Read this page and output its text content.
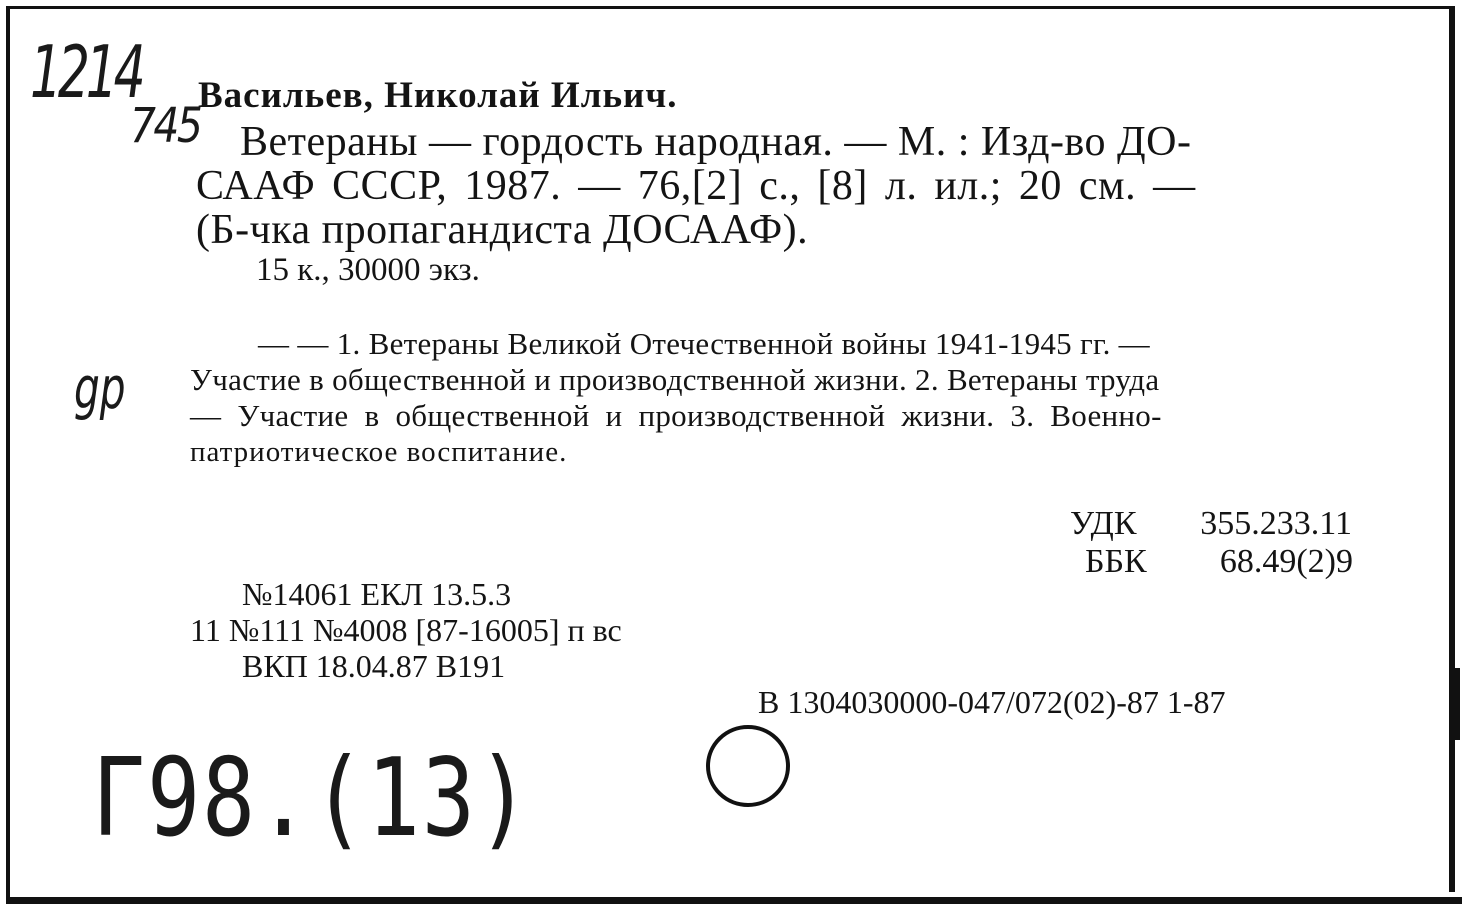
1214
745
gp
Г98.(13)
Васильев, Николай Ильич.
Ветераны — гордость народная. — М. : Изд-во ДО-
СААФ СССР, 1987. — 76,[2] с., [8] л. ил.; 20 см. —
(Б-чка пропагандиста ДОСААФ).
15 к., 30000 экз.
— — 1. Ветераны Великой Отечественной войны 1941-1945 гг. —
Участие в общественной и производственной жизни. 2. Ветераны труда
— Участие в общественной и производственной жизни. 3. Военно-
патриотическое воспитание.
УДК 355.233.11
ББК 68.49(2)9
№14061 ЕКЛ 13.5.3
11 №111 №4008 [87-16005] п вс
ВКП 18.04.87 В191
В 1304030000-047/072(02)-87 1-87
